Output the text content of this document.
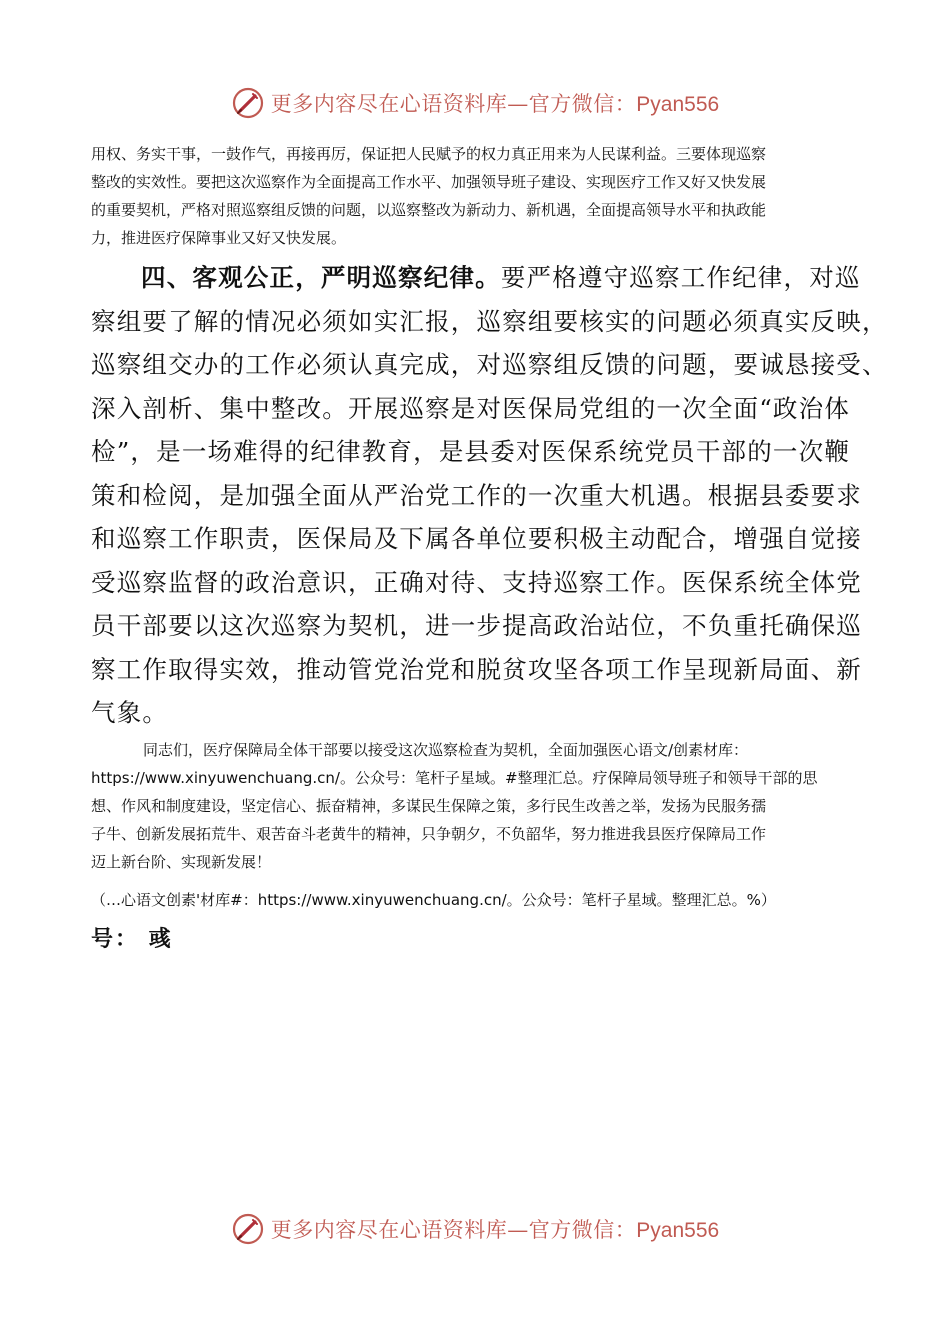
更多内容尽在心语资料库—官方微信：Pyan556

用权、务实干事，一鼓作气，再接再厉，保证把人民赋予的权力真正用来为人民谋利益。三要体现巡察

整改的实效性。要把这次巡察作为全面提高工作水平、加强领导班子建设、实现医疗工作又好又快发展

的重要契机，严格对照巡察组反馈的问题，以巡察整改为新动力、新机遇，全面提高领导水平和执政能

力，推进医疗保障事业又好又快发展。

四、客观公正，严明巡察纪律。要严格遵守巡察工作纪律，对巡

察组要了解的情况必须如实汇报，巡察组要核实的问题必须真实反映，

巡察组交办的工作必须认真完成，对巡察组反馈的问题，要诚恳接受、

深入剖析、集中整改。开展巡察是对医保局党组的一次全面“政治体

检”，是一场难得的纪律教育，是县委对医保系统党员干部的一次鞭

策和检阅，是加强全面从严治党工作的一次重大机遇。根据县委要求

和巡察工作职责，医保局及下属各单位要积极主动配合，增强自觉接

受巡察监督的政治意识，正确对待、支持巡察工作。医保系统全体党

员干部要以这次巡察为契机，进一步提高政治站位，不负重托确保巡

察工作取得实效，推动管党治党和脱贫攻坚各项工作呈现新局面、新

气象。

同志们，医疗保障局全体干部要以接受这次巡察检查为契机，全面加强医心语文/创素材库：

https://www.xinyuwenchuang.cn/。公众号：笔杆子星域。#整理汇总。疗保障局领导班子和领导干部的思

想、作风和制度建设，坚定信心、振奋精神，多谋民生保障之策，多行民生改善之举，发扬为民服务孺

子牛、创新发展拓荒牛、艰苦奋斗老黄牛的精神，只争朝夕，不负韶华，努力推进我县医疗保障局工作

迈上新台阶、实现新发展！

（…心语文创素'材库#：https://www.xinyuwenchuang.cn/。公众号：笔杆子星域。整理汇总。%）
号： 彧
更多内容尽在心语资料库—官方微信：Pyan556
